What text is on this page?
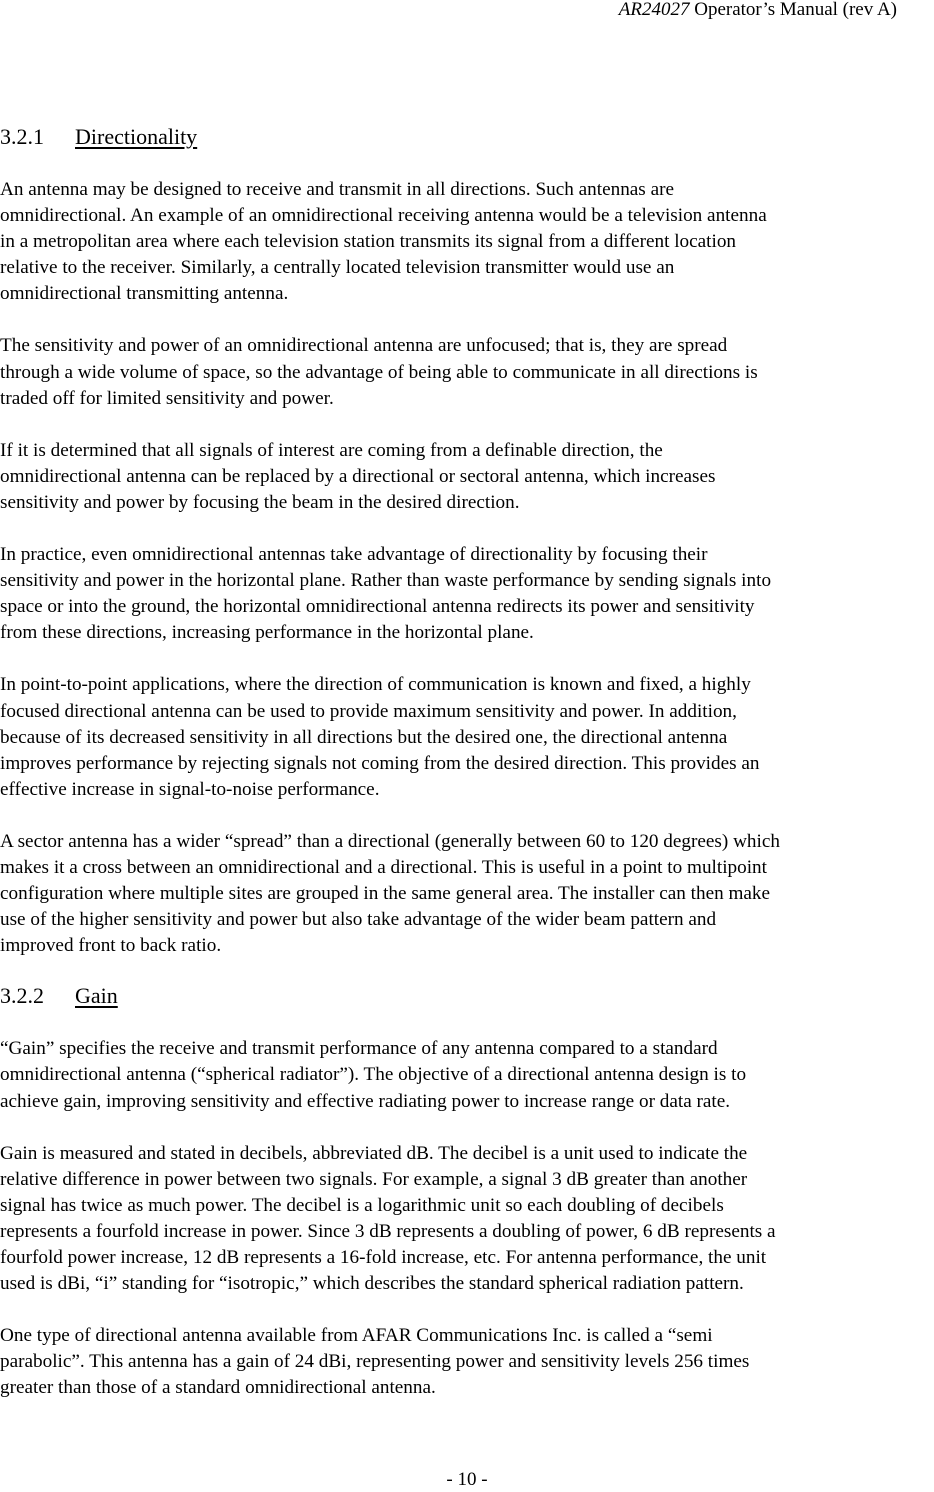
AR24027 Operator’s Manual (rev A)
3.2.1 Directionality

An antenna may be designed to receive and transmit in all directions. Such antennas are
omnidirectional. An example of an omnidirectional receiving antenna would be a television antenna
in a metropolitan area where each television station transmits its signal from a different location
relative to the receiver. Similarly, a centrally located television transmitter would use an
omnidirectional transmitting antenna.

The sensitivity and power of an omnidirectional antenna are unfocused; that is, they are spread
through a wide volume of space, so the advantage of being able to communicate in all directions is
traded off for limited sensitivity and power.

If it is determined that all signals of interest are coming from a definable direction, the
omnidirectional antenna can be replaced by a directional or sectoral antenna, which increases
sensitivity and power by focusing the beam in the desired direction.

In practice, even omnidirectional antennas take advantage of directionality by focusing their
sensitivity and power in the horizontal plane. Rather than waste performance by sending signals into
space or into the ground, the horizontal omnidirectional antenna redirects its power and sensitivity
from these directions, increasing performance in the horizontal plane.

In point-to-point applications, where the direction of communication is known and fixed, a highly
focused directional antenna can be used to provide maximum sensitivity and power. In addition,
because of its decreased sensitivity in all directions but the desired one, the directional antenna
improves performance by rejecting signals not coming from the desired direction. This provides an
effective increase in signal-to-noise performance.

A sector antenna has a wider “spread” than a directional (generally between 60 to 120 degrees) which
makes it a cross between an omnidirectional and a directional. This is useful in a point to multipoint
configuration where multiple sites are grouped in the same general area. The installer can then make
use of the higher sensitivity and power but also take advantage of the wider beam pattern and
improved front to back ratio.

3.2.2 Gain

“Gain” specifies the receive and transmit performance of any antenna compared to a standard
omnidirectional antenna (“spherical radiator”). The objective of a directional antenna design is to
achieve gain, improving sensitivity and effective radiating power to increase range or data rate.

Gain is measured and stated in decibels, abbreviated dB. The decibel is a unit used to indicate the
relative difference in power between two signals. For example, a signal 3 dB greater than another
signal has twice as much power. The decibel is a logarithmic unit so each doubling of decibels
represents a fourfold increase in power. Since 3 dB represents a doubling of power, 6 dB represents a
fourfold power increase, 12 dB represents a 16-fold increase, etc. For antenna performance, the unit
used is dBi, “i” standing for “isotropic,” which describes the standard spherical radiation pattern.

One type of directional antenna available from AFAR Communications Inc. is called a “semi
parabolic”. This antenna has a gain of 24 dBi, representing power and sensitivity levels 256 times
greater than those of a standard omnidirectional antenna.

- 10 -
